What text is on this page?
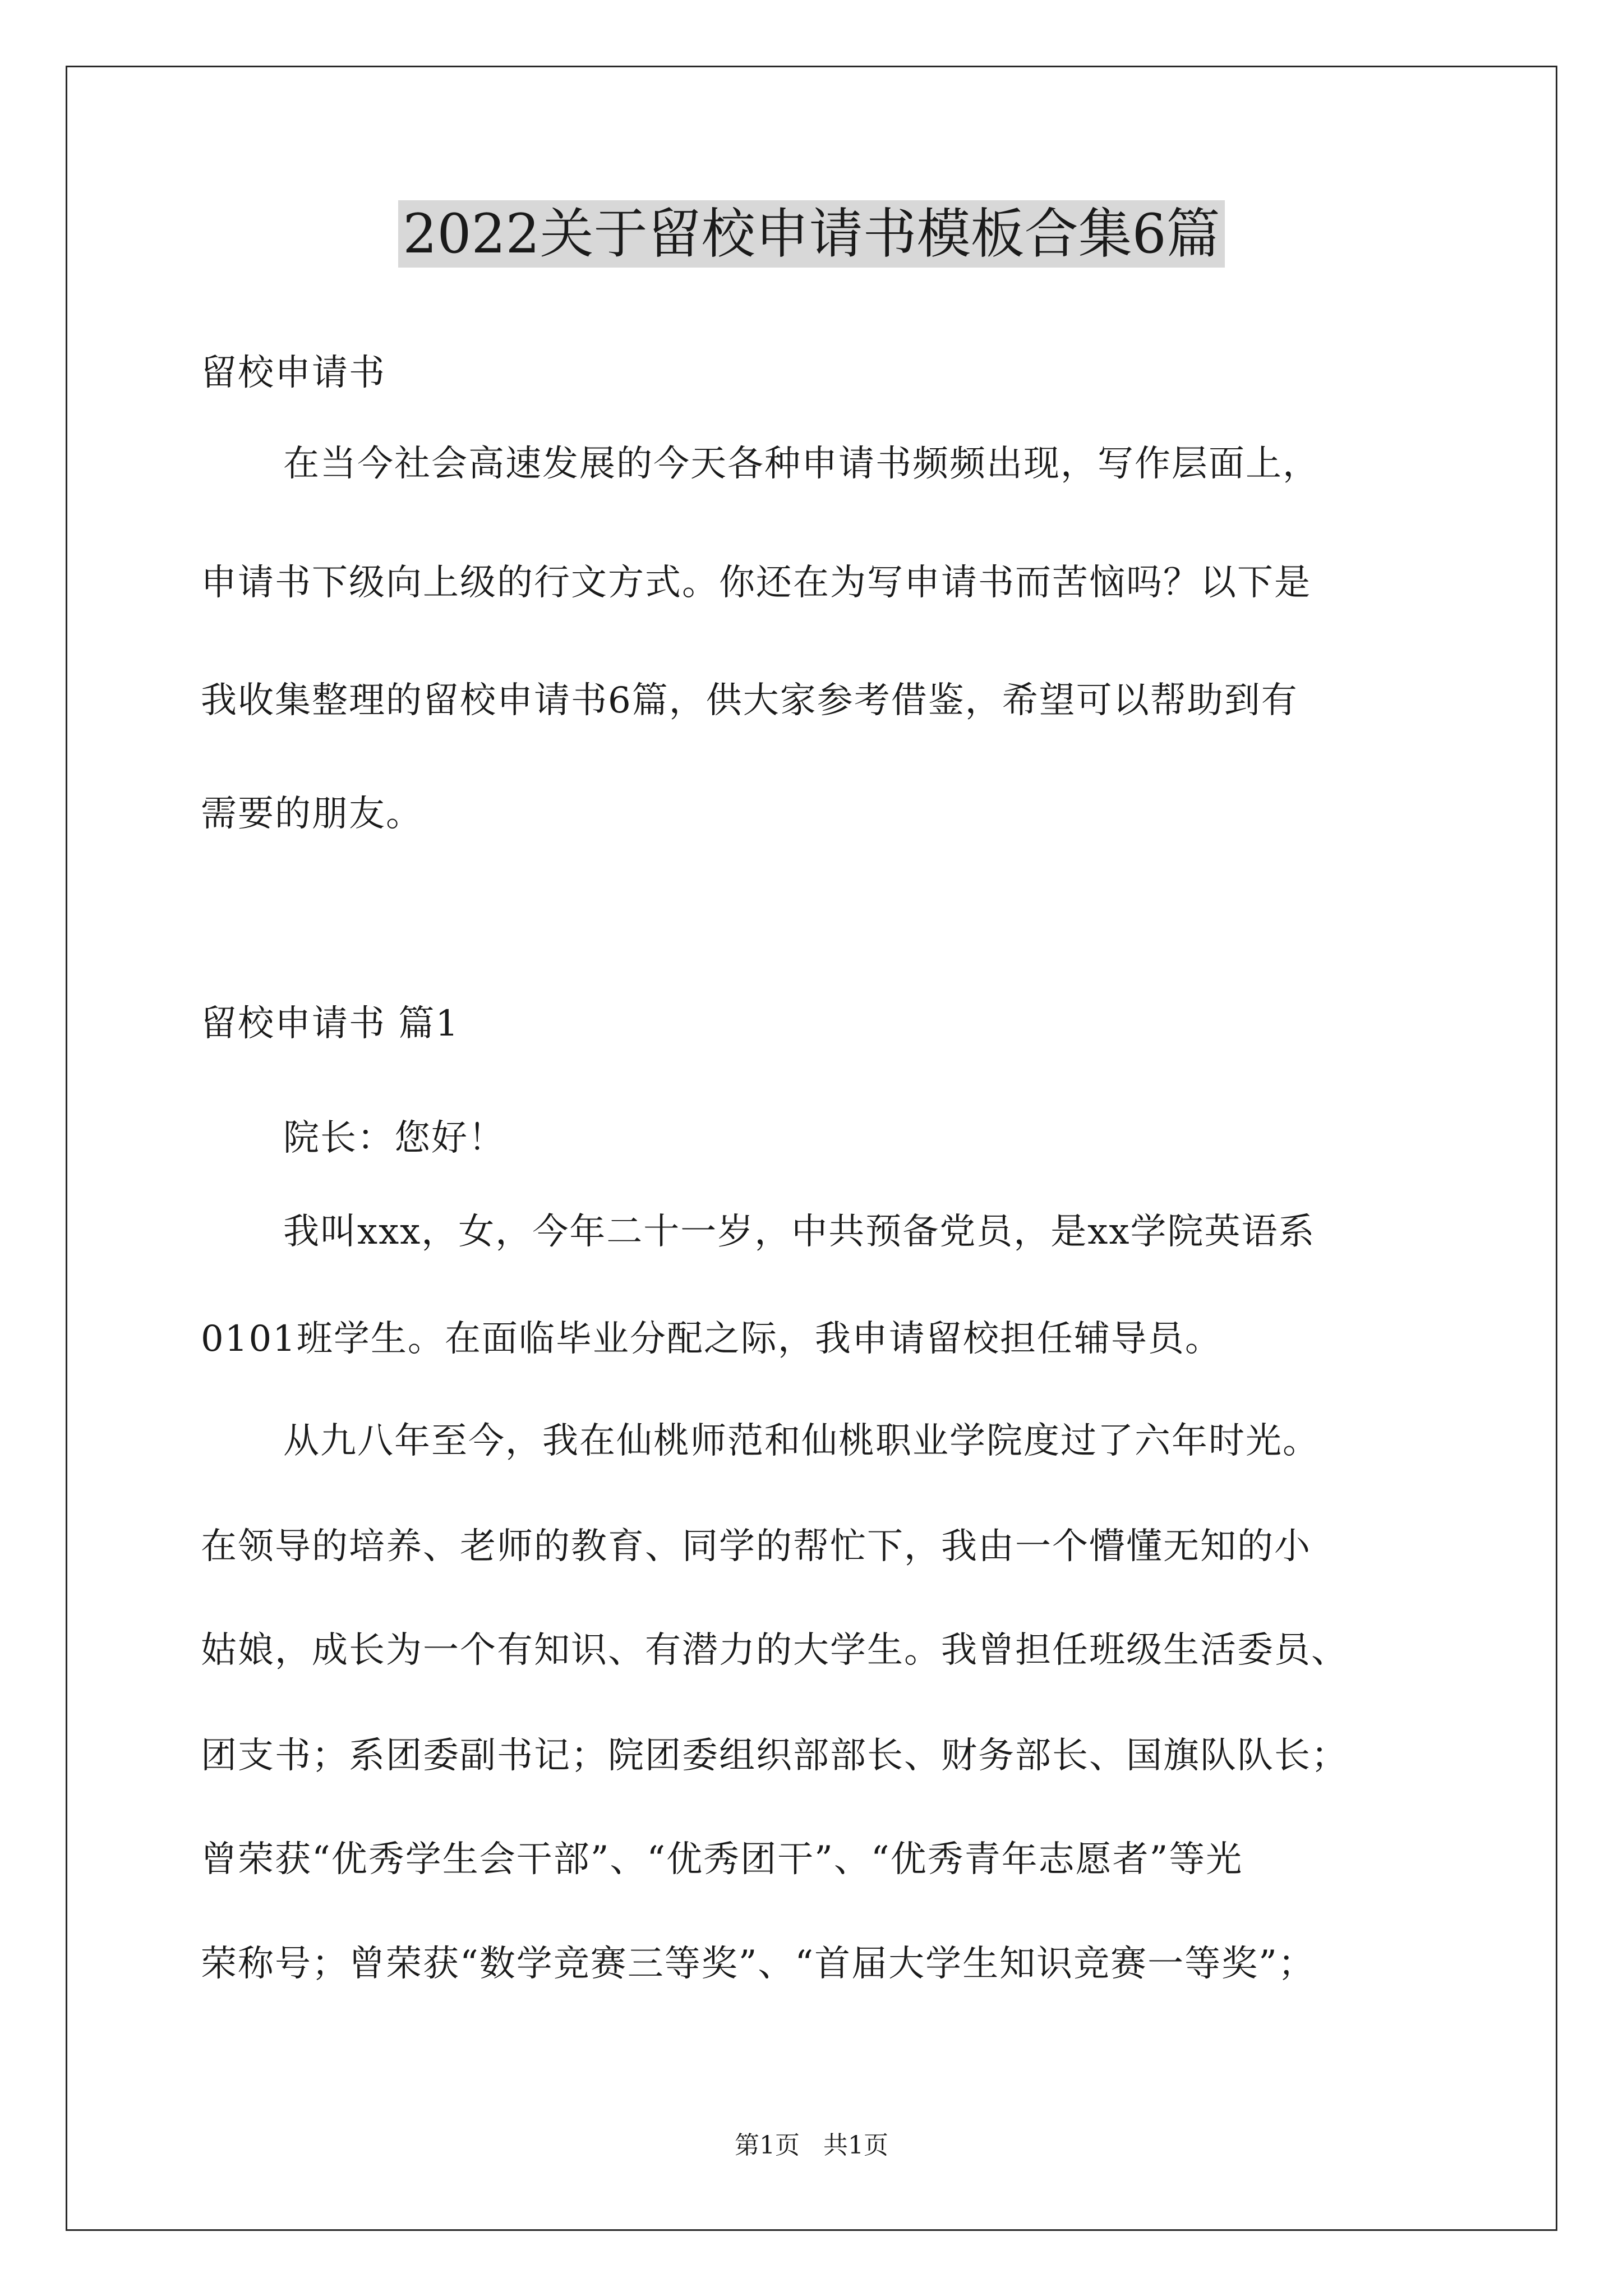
2022关于留校申请书模板合集6篇
留校申请书
在当今社会高速发展的今天各种申请书频频出现，写作层面上，
申请书下级向上级的行文方式。你还在为写申请书而苦恼吗？以下是
我收集整理的留校申请书6篇，供大家参考借鉴，希望可以帮助到有
需要的朋友。
留校申请书 篇1
院长：您好！
我叫xxx，女，今年二十一岁，中共预备党员，是xx学院英语系
0101班学生。在面临毕业分配之际，我申请留校担任辅导员。
从九八年至今，我在仙桃师范和仙桃职业学院度过了六年时光。
在领导的培养、老师的教育、同学的帮忙下，我由一个懵懂无知的小
姑娘，成长为一个有知识、有潜力的大学生。我曾担任班级生活委员、
团支书；系团委副书记；院团委组织部部长、财务部长、国旗队队长；
曾荣获“优秀学生会干部”、“优秀团干”、“优秀青年志愿者”等光
荣称号；曾荣获“数学竞赛三等奖”、“首届大学生知识竞赛一等奖”；
第1页   共1页
